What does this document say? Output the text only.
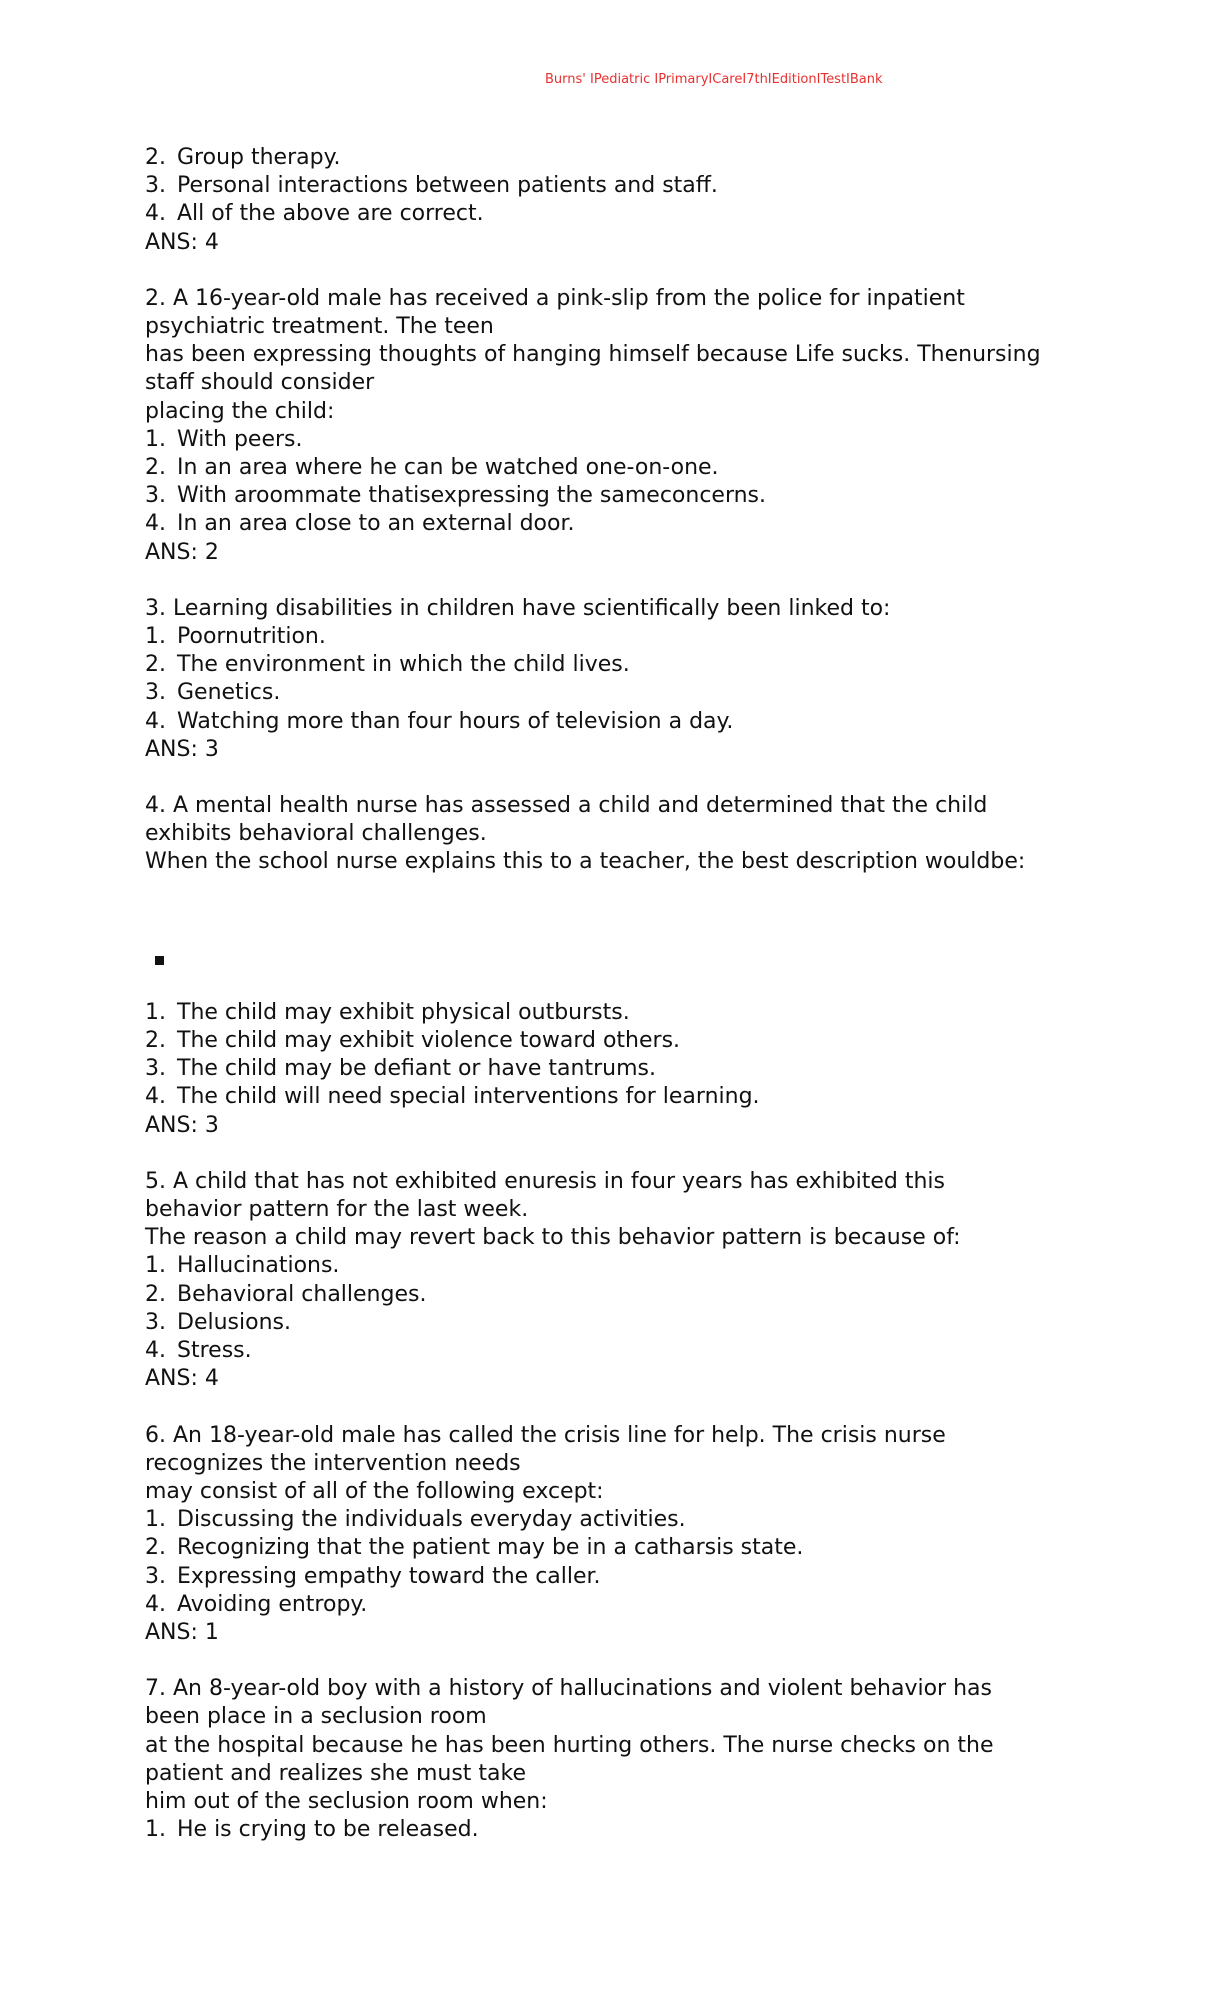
Burns' IPediatric IPrimaryICareI7thIEditionITestIBank
2. Group therapy.
3. Personal interactions between patients and staff.
4. All of the above are correct.
ANS: 4
2. A 16-year-old male has received a pink-slip from the police for inpatient
psychiatric treatment. The teen
has been expressing thoughts of hanging himself because Life sucks. Thenursing
staff should consider
placing the child:
1. With peers.
2. In an area where he can be watched one-on-one.
3. With aroommate thatisexpressing the sameconcerns.
4. In an area close to an external door.
ANS: 2
3. Learning disabilities in children have scientifically been linked to:
1. Poornutrition.
2. The environment in which the child lives.
3. Genetics.
4. Watching more than four hours of television a day.
ANS: 3
4. A mental health nurse has assessed a child and determined that the child
exhibits behavioral challenges.
When the school nurse explains this to a teacher, the best description wouldbe:
1. The child may exhibit physical outbursts.
2. The child may exhibit violence toward others.
3. The child may be defiant or have tantrums.
4. The child will need special interventions for learning.
ANS: 3
5. A child that has not exhibited enuresis in four years has exhibited this
behavior pattern for the last week.
The reason a child may revert back to this behavior pattern is because of:
1. Hallucinations.
2. Behavioral challenges.
3. Delusions.
4. Stress.
ANS: 4
6. An 18-year-old male has called the crisis line for help. The crisis nurse
recognizes the intervention needs
may consist of all of the following except:
1. Discussing the individuals everyday activities.
2. Recognizing that the patient may be in a catharsis state.
3. Expressing empathy toward the caller.
4. Avoiding entropy.
ANS: 1
7. An 8-year-old boy with a history of hallucinations and violent behavior has
been place in a seclusion room
at the hospital because he has been hurting others. The nurse checks on the
patient and realizes she must take
him out of the seclusion room when:
1. He is crying to be released.
